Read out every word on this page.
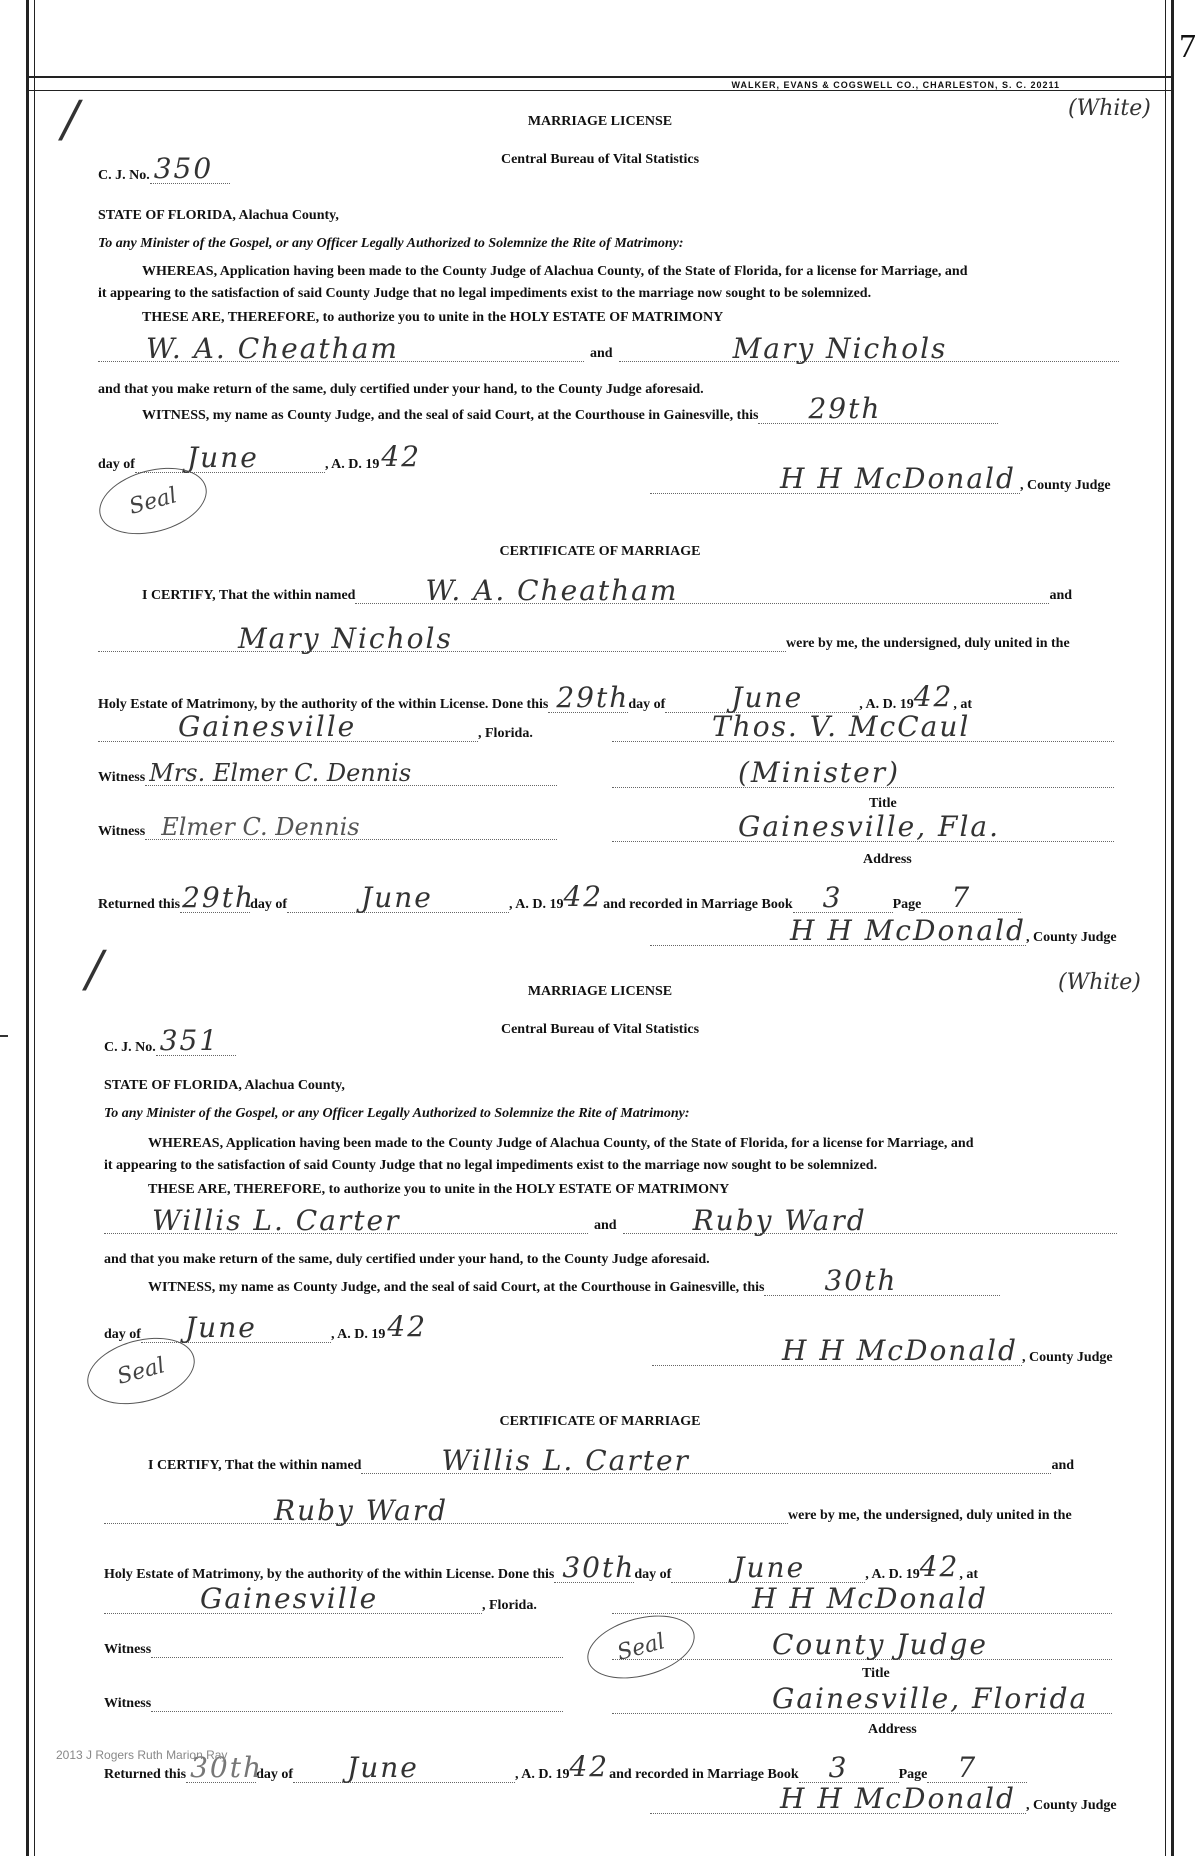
WALKER, EVANS & COGSWELL CO., CHARLESTON, S. C. 20211
7
/	(White)
MARRIAGE LICENSE
Central Bureau of Vital Statistics
C. J. No. 350
STATE OF FLORIDA, Alachua County,
To any Minister of the Gospel, or any Officer Legally Authorized to Solemnize the Rite of Matrimony:
WHEREAS, Application having been made to the County Judge of Alachua County, of the State of Florida, for a license for Marriage, and
it appearing to the satisfaction of said County Judge that no legal impediments exist to the marriage now sought to be solemnized.
THESE ARE, THEREFORE, to authorize you to unite in the HOLY ESTATE OF MATRIMONY
W. A. Cheatham	and	Mary Nichols
and that you make return of the same, duly certified under your hand, to the County Judge aforesaid.
WITNESS, my name as County Judge, and the seal of said Court, at the Courthouse in Gainesville, this 29th
day of June	, A. D. 19 42
Seal
H H McDonald , County Judge
CERTIFICATE OF MARRIAGE
I CERTIFY, That the within named	W. A. Cheatham	and
Mary Nichols	were by me, the undersigned, duly united in the
Holy Estate of Matrimony, by the authority of the within License. Done this 29th day of June	, A. D. 19 42 , at
Gainesville	, Florida.	Thos. V. McCaul
Witness Mrs. Elmer C. Dennis	(Minister)
Title
Witness Elmer C. Dennis	Gainesville, Fla.
Address
Returned this 29th
day of	June	, A. D. 19 42 and recorded in Marriage Book 3	Page 7
H H McDonald , County Judge
/	(White)
MARRIAGE LICENSE
Central Bureau of Vital Statistics
C. J. No. 351
STATE OF FLORIDA, Alachua County,
To any Minister of the Gospel, or any Officer Legally Authorized to Solemnize the Rite of Matrimony:
WHEREAS, Application having been made to the County Judge of Alachua County, of the State of Florida, for a license for Marriage, and
it appearing to the satisfaction of said County Judge that no legal impediments exist to the marriage now sought to be solemnized.
THESE ARE, THEREFORE, to authorize you to unite in the HOLY ESTATE OF MATRIMONY
Willis L. Carter	and	Ruby Ward
and that you make return of the same, duly certified under your hand, to the County Judge aforesaid.
WITNESS, my name as County Judge, and the seal of said Court, at the Courthouse in Gainesville, this 30th
day of June	, A. D. 19 42
Seal
H H McDonald , County Judge
CERTIFICATE OF MARRIAGE
I CERTIFY, That the within named	Willis L. Carter	and
Ruby Ward	were by me, the undersigned, duly united in the
Holy Estate of Matrimony, by the authority of the within License. Done this 30th day of June	, A. D. 19 42 , at
Gainesville	, Florida.	H H McDonald
Witness	Seal	County Judge
Title
Witness	Gainesville, Florida
Address
Returned this 30th
day of June	, A. D. 19 42 and recorded in Marriage Book 3	Page 7
H H McDonald , County Judge
2013 J Rogers Ruth Marion Ray
